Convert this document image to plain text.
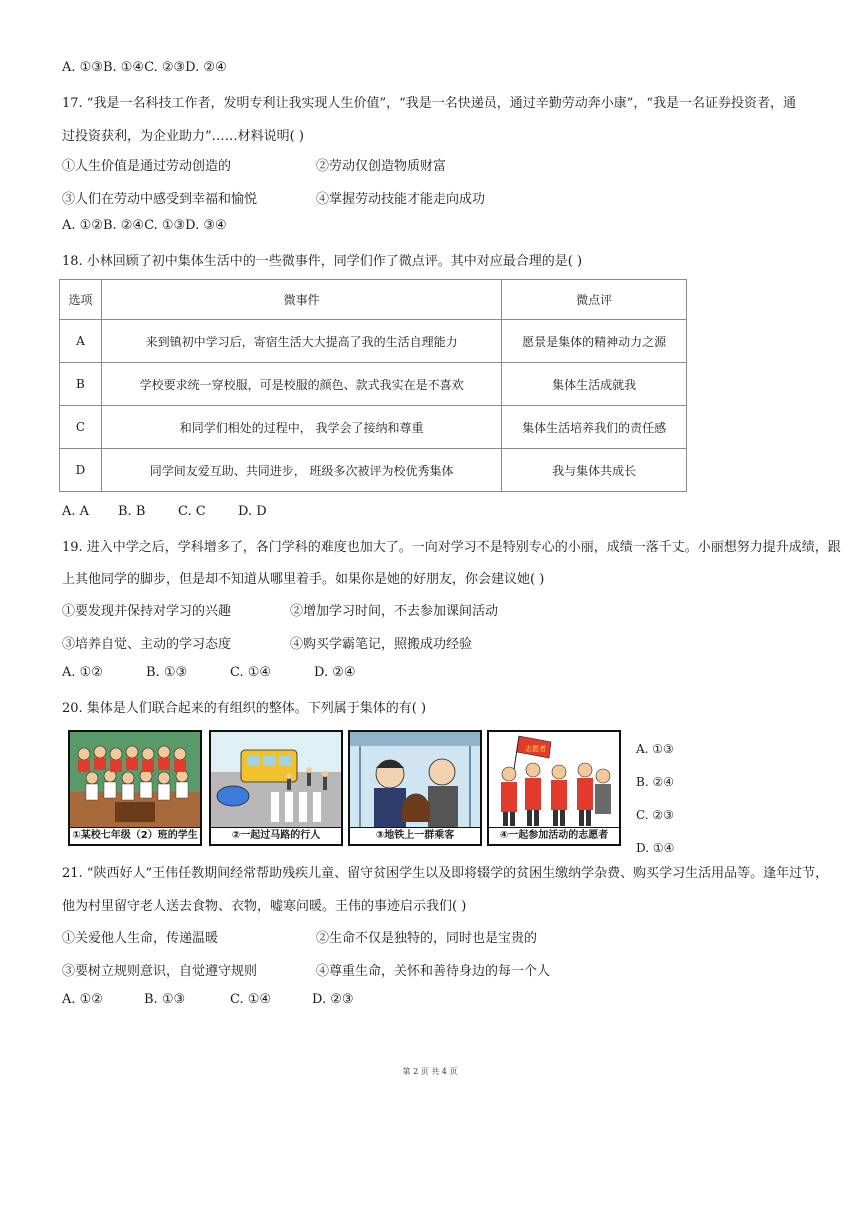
A. ①③B. ①④C. ②③D. ②④
17. “我是一名科技工作者，发明专利让我实现人生价值”，“我是一名快递员，通过辛勤劳动奔小康”，“我是一名证券投资者，通
过投资获利，为企业助力”……材料说明( )
①人生价值是通过劳动创造的	②劳动仅创造物质财富
③人们在劳动中感受到幸福和愉悦	④掌握劳动技能才能走向成功
A. ①②B. ②④C. ①③D. ③④
18. 小林回顾了初中集体生活中的一些微事件，同学们作了微点评。其中对应最合理的是( )
选项	微事件	微点评
A	来到镇初中学习后，寄宿生活大大提高了我的生活自理能力	愿景是集体的精神动力之源
B	学校要求统一穿校服，可是校服的颜色、款式我实在是不喜欢	集体生活成就我
C	和同学们相处的过程中， 我学会了接纳和尊重	集体生活培养我们的责任感
D	同学间友爱互助、共同进步， 班级多次被评为校优秀集体	我与集体共成长
A. A B. B	C. C D. D
19. 进入中学之后，学科增多了，各门学科的难度也加大了。一向对学习不是特别专心的小丽，成绩一落千丈。小丽想努力提升成绩，跟
上其他同学的脚步，但是却不知道从哪里着手。如果你是她的好朋友，你会建议她( )
①要发现并保持对学习的兴趣	②增加学习时间，不去参加课间活动
③培养自觉、主动的学习态度	④购买学霸笔记，照搬成功经验
A. ①②	B. ①③	C. ①④	D. ②④
20. 集体是人们联合起来的有组织的整体。下列属于集体的有( )
①某校七年级（2）班的学生	②一起过马路的行人	③地铁上一群乘客
志愿者
④一起参加活动的志愿者
A. ①③
B. ②④
C. ②③
D. ①④
21. “陕西好人”王伟任教期间经常帮助残疾儿童、留守贫困学生以及即将辍学的贫困生缴纳学杂费、购买学习生活用品等。逢年过节，
他为村里留守老人送去食物、衣物，嘘寒问暖。王伟的事迹启示我们( )
①关爱他人生命，传递温暖	②生命不仅是独特的，同时也是宝贵的
③要树立规则意识，自觉遵守规则	④尊重生命，关怀和善待身边的每一个人
A. ①②	B. ①③	C. ①④	D. ②③
第 2 页 共 4 页
